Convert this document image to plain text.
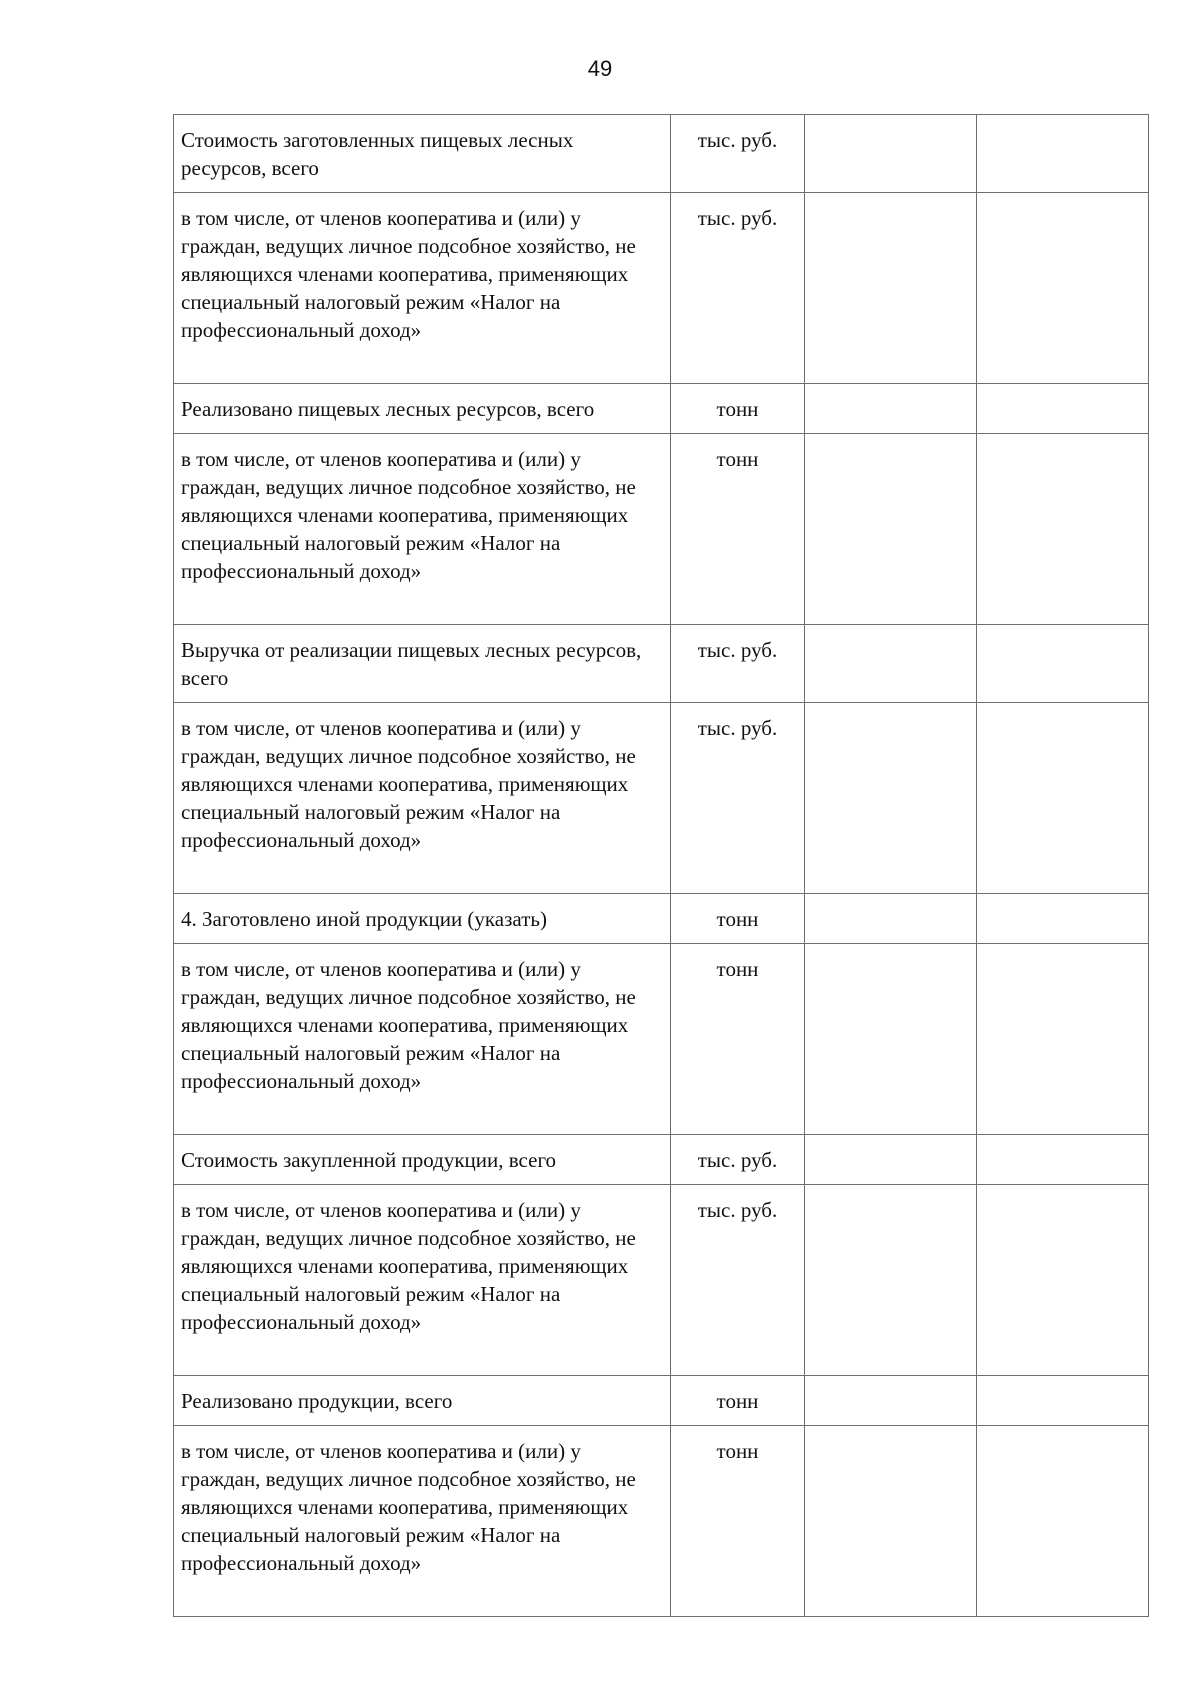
49
Стоимость заготовленных пищевых лесных ресурсов, всего	тыс. руб.		
в том числе, от членов кооператива и (или) у граждан, ведущих личное подсобное хозяйство, не являющихся членами кооператива, применяющих специальный налоговый режим «Налог на профессиональный доход»	тыс. руб.		
Реализовано пищевых лесных ресурсов, всего	тонн		
в том числе, от членов кооператива и (или) у граждан, ведущих личное подсобное хозяйство, не являющихся членами кооператива, применяющих специальный налоговый режим «Налог на профессиональный доход»	тонн		
Выручка от реализации пищевых лесных ресурсов, всего	тыс. руб.		
в том числе, от членов кооператива и (или) у граждан, ведущих личное подсобное хозяйство, не являющихся членами кооператива, применяющих специальный налоговый режим «Налог на профессиональный доход»	тыс. руб.		
4. Заготовлено иной продукции (указать)	тонн		
в том числе, от членов кооператива и (или) у граждан, ведущих личное подсобное хозяйство, не являющихся членами кооператива, применяющих специальный налоговый режим «Налог на профессиональный доход»	тонн		
Стоимость закупленной продукции, всего	тыс. руб.		
в том числе, от членов кооператива и (или) у граждан, ведущих личное подсобное хозяйство, не являющихся членами кооператива, применяющих специальный налоговый режим «Налог на профессиональный доход»	тыс. руб.		
Реализовано продукции, всего	тонн		
в том числе, от членов кооператива и (или) у граждан, ведущих личное подсобное хозяйство, не являющихся членами кооператива, применяющих специальный налоговый режим «Налог на профессиональный доход»	тонн		
